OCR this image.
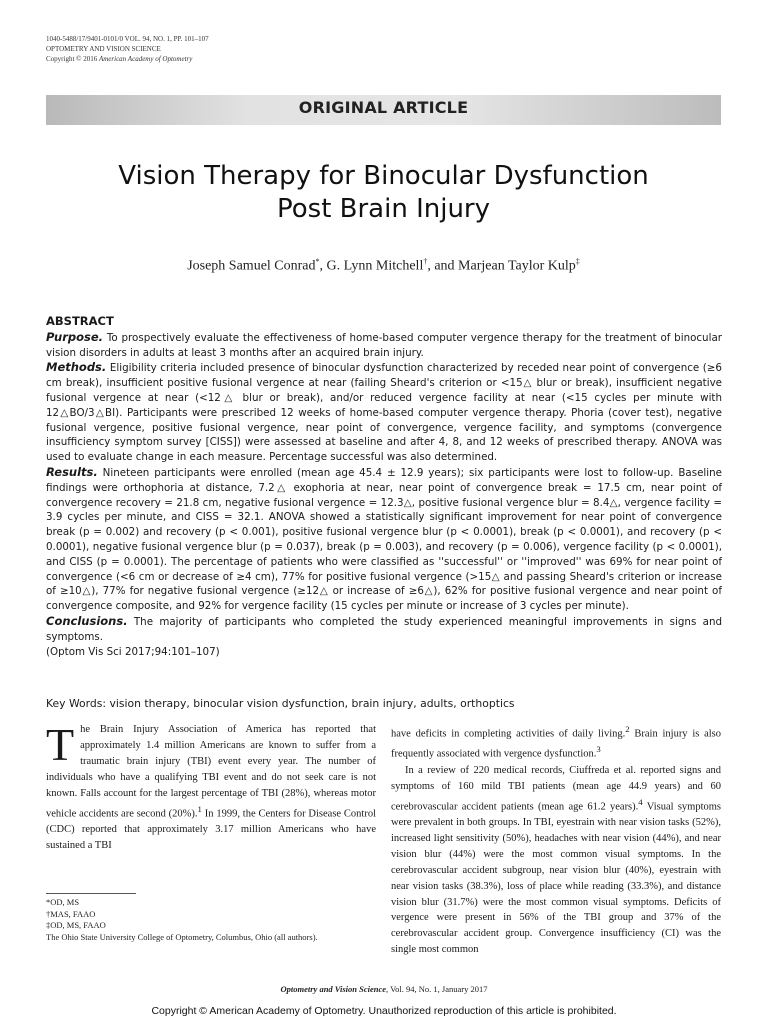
1040-5488/17/9401-0101/0 VOL. 94, NO. 1, PP. 101–107
OPTOMETRY AND VISION SCIENCE
Copyright © 2016 American Academy of Optometry
ORIGINAL ARTICLE
Vision Therapy for Binocular Dysfunction
Post Brain Injury
Joseph Samuel Conrad*, G. Lynn Mitchell†, and Marjean Taylor Kulp‡
ABSTRACT

Purpose. To prospectively evaluate the effectiveness of home-based computer vergence therapy for the treatment of binocular vision disorders in adults at least 3 months after an acquired brain injury.

Methods. Eligibility criteria included presence of binocular dysfunction characterized by receded near point of convergence (≥6 cm break), insufficient positive fusional vergence at near (failing Sheard's criterion or <15△ blur or break), insufficient negative fusional vergence at near (<12△ blur or break), and/or reduced vergence facility at near (<15 cycles per minute with 12△BO/3△BI). Participants were prescribed 12 weeks of home-based computer vergence therapy. Phoria (cover test), negative fusional vergence, positive fusional vergence, near point of convergence, vergence facility, and symptoms (convergence insufficiency symptom survey [CISS]) were assessed at baseline and after 4, 8, and 12 weeks of prescribed therapy. ANOVA was used to evaluate change in each measure. Percentage successful was also determined.

Results. Nineteen participants were enrolled (mean age 45.4 ± 12.9 years); six participants were lost to follow-up. Baseline findings were orthophoria at distance, 7.2△ exophoria at near, near point of convergence break = 17.5 cm, near point of convergence recovery = 21.8 cm, negative fusional vergence = 12.3△, positive fusional vergence blur = 8.4△, vergence facility = 3.9 cycles per minute, and CISS = 32.1. ANOVA showed a statistically significant improvement for near point of convergence break (p = 0.002) and recovery (p < 0.001), positive fusional vergence blur (p < 0.0001), break (p < 0.0001), and recovery (p < 0.0001), negative fusional vergence blur (p = 0.037), break (p = 0.003), and recovery (p = 0.006), vergence facility (p < 0.0001), and CISS (p = 0.0001). The percentage of patients who were classified as ''successful'' or ''improved'' was 69% for near point of convergence (<6 cm or decrease of ≥4 cm), 77% for positive fusional vergence (>15△ and passing Sheard's criterion or increase of ≥10△), 77% for negative fusional vergence (≥12△ or increase of ≥6△), 62% for positive fusional vergence and near point of convergence composite, and 92% for vergence facility (15 cycles per minute or increase of 3 cycles per minute).

Conclusions. The majority of participants who completed the study experienced meaningful improvements in signs and symptoms.

(Optom Vis Sci 2017;94:101–107)

Key Words: vision therapy, binocular vision dysfunction, brain injury, adults, orthoptics

The Brain Injury Association of America has reported that approximately 1.4 million Americans are known to suffer from a traumatic brain injury (TBI) event every year. The number of individuals who have a qualifying TBI event and do not seek care is not known. Falls account for the largest percentage of TBI (28%), whereas motor vehicle accidents are second (20%).$^1$ In 1999, the Centers for Disease Control (CDC) reported that approximately 3.17 million Americans who have sustained a TBI

have deficits in completing activities of daily living.$^2$ Brain injury is also frequently associated with vergence dysfunction.$^3$

In a review of 220 medical records, Ciuffreda et al. reported signs and symptoms of 160 mild TBI patients (mean age 44.9 years) and 60 cerebrovascular accident patients (mean age 61.2 years).$^4$ Visual symptoms were prevalent in both groups. In TBI, eyestrain with near vision tasks (52%), increased light sensitivity (50%), headaches with near vision (44%), and near vision blur (44%) were the most common visual symptoms. In the cerebrovascular accident subgroup, near vision blur (40%), eyestrain with near vision tasks (38.3%), loss of place while reading (33.3%), and distance vision blur (31.7%) were the most common visual symptoms. Deficits of vergence were present in 56% of the TBI group and 37% of the cerebrovascular accident group. Convergence insufficiency (CI) was the single most common

*OD, MS
†MAS, FAAO
‡OD, MS, FAAO
The Ohio State University College of Optometry, Columbus, Ohio (all authors).
Optometry and Vision Science, Vol. 94, No. 1, January 2017
Copyright © American Academy of Optometry. Unauthorized reproduction of this article is prohibited.
